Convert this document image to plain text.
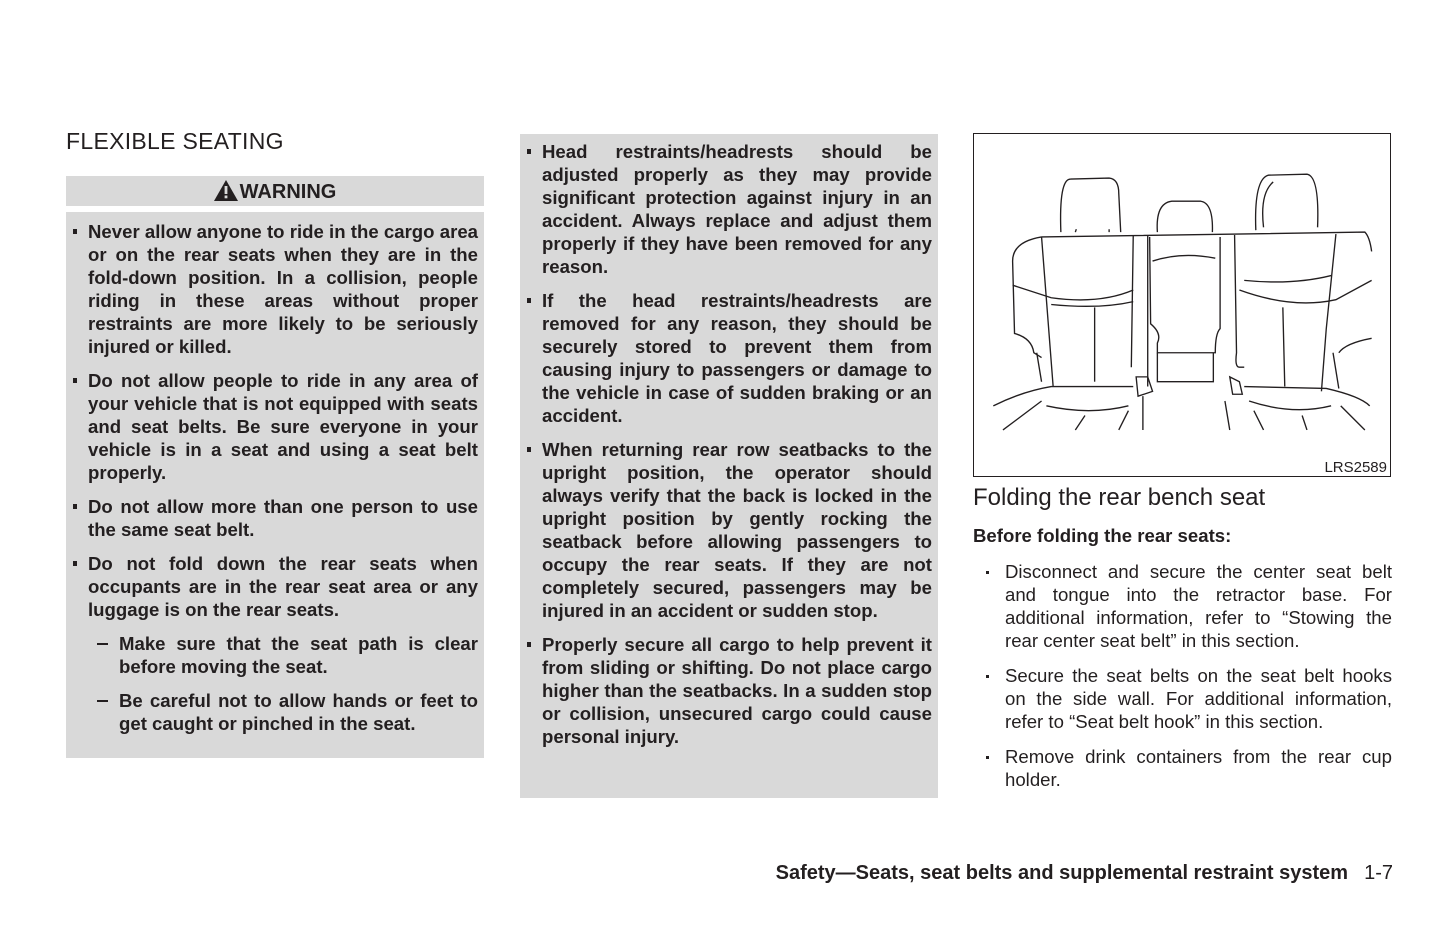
FLEXIBLE SEATING
WARNING
Never allow anyone to ride in the cargo area or on the rear seats when they are in the fold-down position. In a collision, people riding in these areas without proper restraints are more likely to be seriously injured or killed.
Do not allow people to ride in any area of your vehicle that is not equipped with seats and seat belts. Be sure everyone in your vehicle is in a seat and using a seat belt properly.
Do not allow more than one person to use the same seat belt.
Do not fold down the rear seats when occupants are in the rear seat area or any luggage is on the rear seats.
Make sure that the seat path is clear before moving the seat.
Be careful not to allow hands or feet to get caught or pinched in the seat.
Head restraints/headrests should be adjusted properly as they may provide significant protection against injury in an accident. Always replace and adjust them properly if they have been removed for any reason.
If the head restraints/headrests are removed for any reason, they should be securely stored to prevent them from causing injury to passengers or damage to the vehicle in case of sudden braking or an accident.
When returning rear row seatbacks to the upright position, the operator should always verify that the back is locked in the upright position by gently rocking the seatback before allowing passengers to occupy the rear seats. If they are not completely secured, passengers may be injured in an accident or sudden stop.
Properly secure all cargo to help prevent it from sliding or shifting. Do not place cargo higher than the seatbacks. In a sudden stop or collision, unsecured cargo could cause personal injury.
LRS2589
Folding the rear bench seat
Before folding the rear seats:
Disconnect and secure the center seat belt and tongue into the retractor base. For additional information, refer to “Stowing the rear center seat belt” in this section.
Secure the seat belts on the seat belt hooks on the side wall. For additional information, refer to “Seat belt hook” in this section.
Remove drink containers from the rear cup holder.
Safety—Seats, seat belts and supplemental restraint system 1-7
